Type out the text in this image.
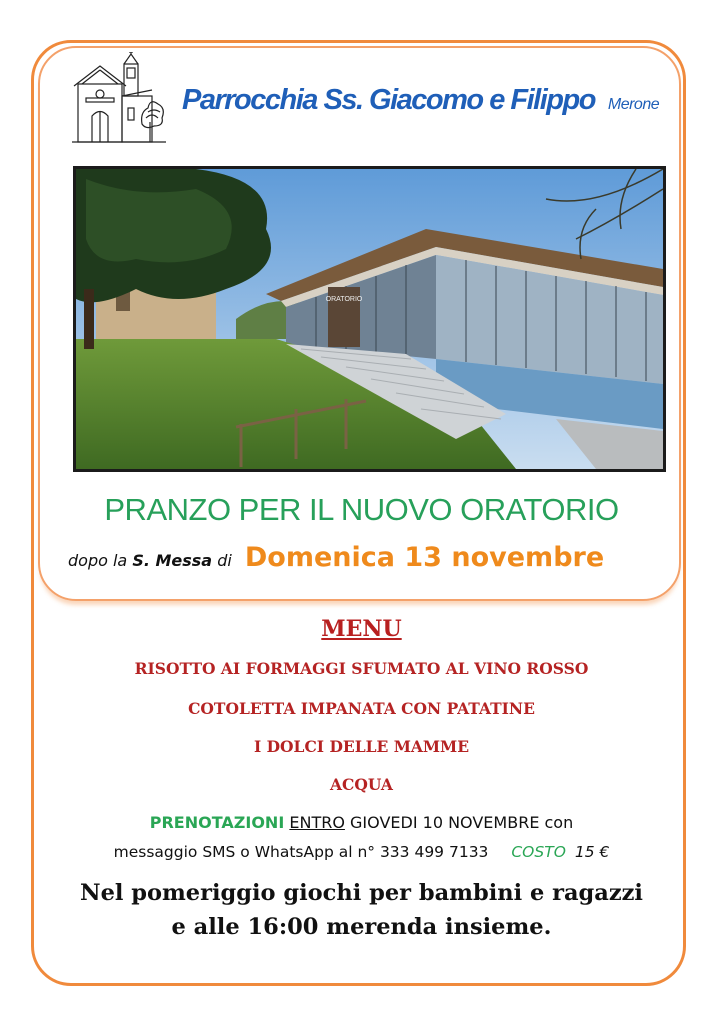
Parrocchia Ss. Giacomo e Filippo Merone
ORATORIO
PRANZO PER IL NUOVO ORATORIO
dopo la S. Messa di Domenica 13 novembre
MENU
RISOTTO AI FORMAGGI SFUMATO AL VINO ROSSO
COTOLETTA IMPANATA CON PATATINE
I DOLCI DELLE MAMME
ACQUA
PRENOTAZIONI ENTRO GIOVEDI 10 NOVEMBRE con
messaggio SMS o WhatsApp al n° 333 499 7133 COSTO 15 €
Nel pomeriggio giochi per bambini e ragazzi
e alle 16:00 merenda insieme.
